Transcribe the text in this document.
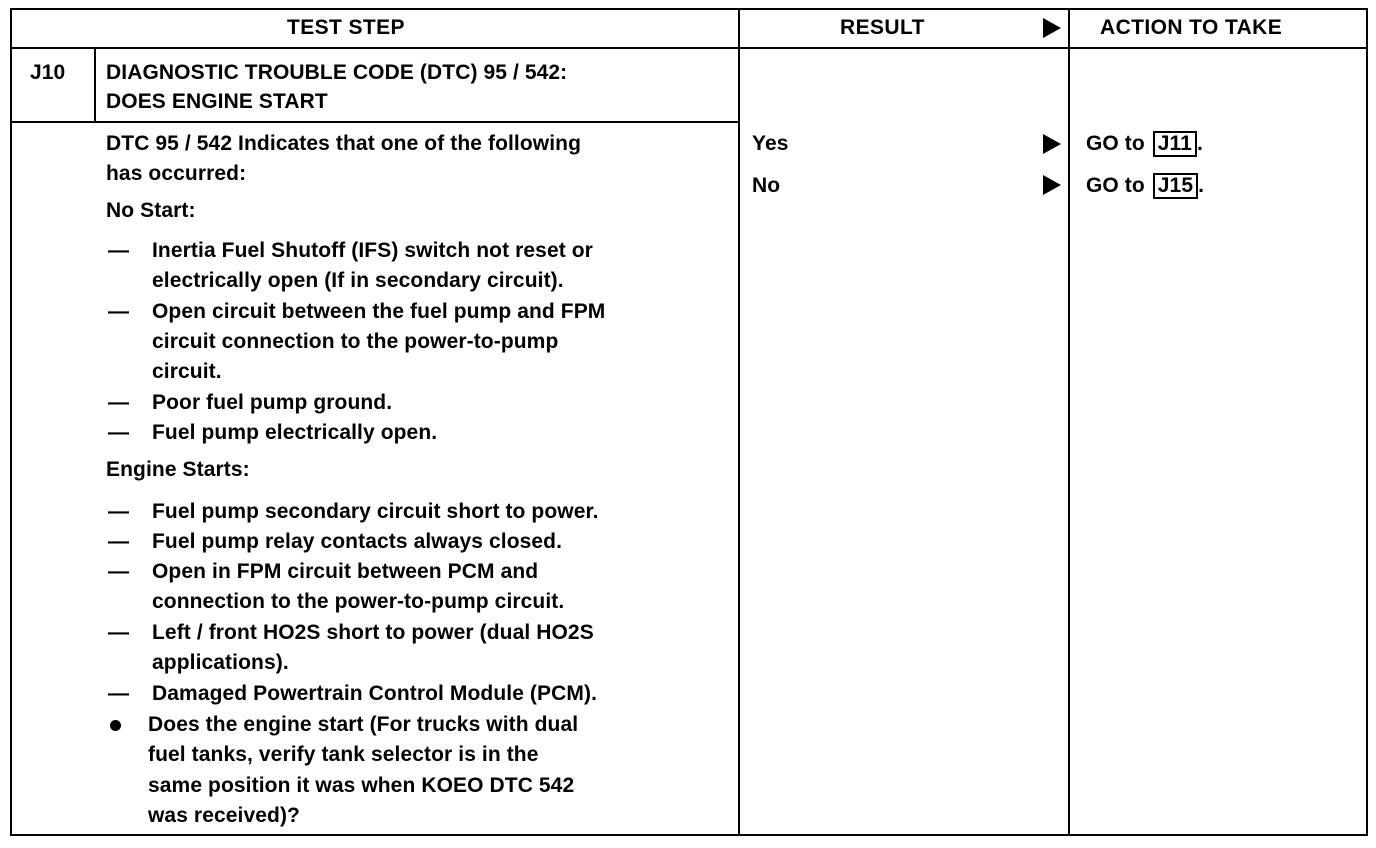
TEST STEP	RESULT	ACTION TO TAKE
J10 DIAGNOSTIC TROUBLE CODE (DTC) 95 / 542:
DOES ENGINE START
DTC 95 / 542 Indicates that one of the following
has occurred:
No Start:
— Inertia Fuel Shutoff (IFS) switch not reset or
electrically open (If in secondary circuit).
— Open circuit between the fuel pump and FPM
circuit connection to the power-to-pump
circuit.
— Poor fuel pump ground.
— Fuel pump electrically open.
Engine Starts:
— Fuel pump secondary circuit short to power.
— Fuel pump relay contacts always closed.
— Open in FPM circuit between PCM and
connection to the power-to-pump circuit.
— Left / front HO2S short to power (dual HO2S
applications).
— Damaged Powertrain Control Module (PCM).
Does the engine start (For trucks with dual
fuel tanks, verify tank selector is in the
same position it was when KOEO DTC 542
was received)?
Yes	GO to J11 .
No	GO to J15 .
